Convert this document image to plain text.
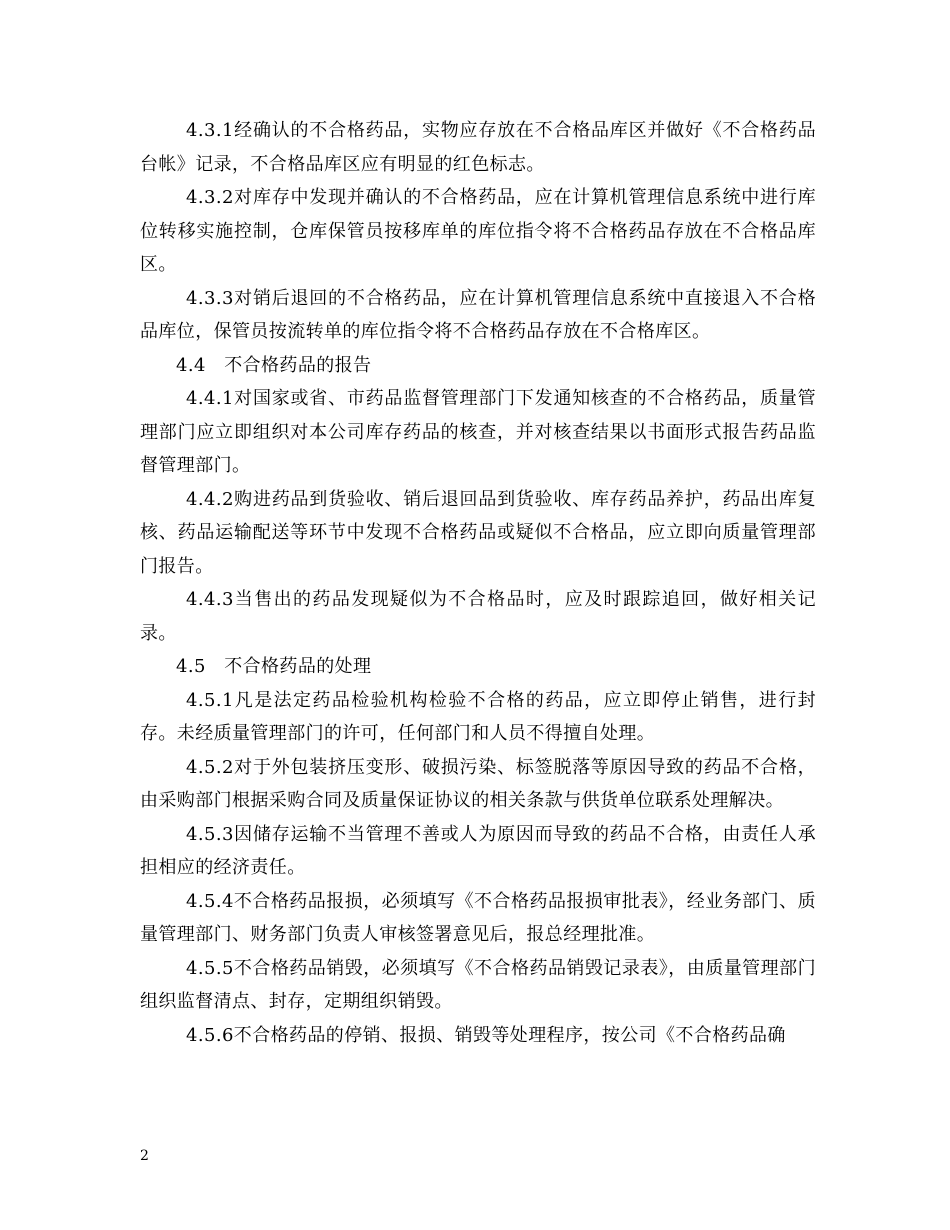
4.3.1经确认的不合格药品，实物应存放在不合格品库区并做好《不合格药品台帐》记录，不合格品库区应有明显的红色标志。

4.3.2对库存中发现并确认的不合格药品，应在计算机管理信息系统中进行库位转移实施控制，仓库保管员按移库单的库位指令将不合格药品存放在不合格品库区。

4.3.3对销后退回的不合格药品，应在计算机管理信息系统中直接退入不合格品库位，保管员按流转单的库位指令将不合格药品存放在不合格库区。

4.4　不合格药品的报告

4.4.1对国家或省、市药品监督管理部门下发通知核查的不合格药品，质量管理部门应立即组织对本公司库存药品的核查，并对核查结果以书面形式报告药品监督管理部门。

4.4.2购进药品到货验收、销后退回品到货验收、库存药品养护，药品出库复核、药品运输配送等环节中发现不合格药品或疑似不合格品，应立即向质量管理部门报告。

4.4.3当售出的药品发现疑似为不合格品时，应及时跟踪追回，做好相关记录。

4.5　不合格药品的处理

4.5.1凡是法定药品检验机构检验不合格的药品，应立即停止销售，进行封存。未经质量管理部门的许可，任何部门和人员不得擅自处理。

4.5.2对于外包装挤压变形、破损污染、标签脱落等原因导致的药品不合格，由采购部门根据采购合同及质量保证协议的相关条款与供货单位联系处理解决。

4.5.3因储存运输不当管理不善或人为原因而导致的药品不合格，由责任人承担相应的经济责任。

4.5.4不合格药品报损，必须填写《不合格药品报损审批表》，经业务部门、质量管理部门、财务部门负责人审核签署意见后，报总经理批准。

4.5.5不合格药品销毁，必须填写《不合格药品销毁记录表》，由质量管理部门组织监督清点、封存，定期组织销毁。

4.5.6不合格药品的停销、报损、销毁等处理程序，按公司《不合格药品确

2
